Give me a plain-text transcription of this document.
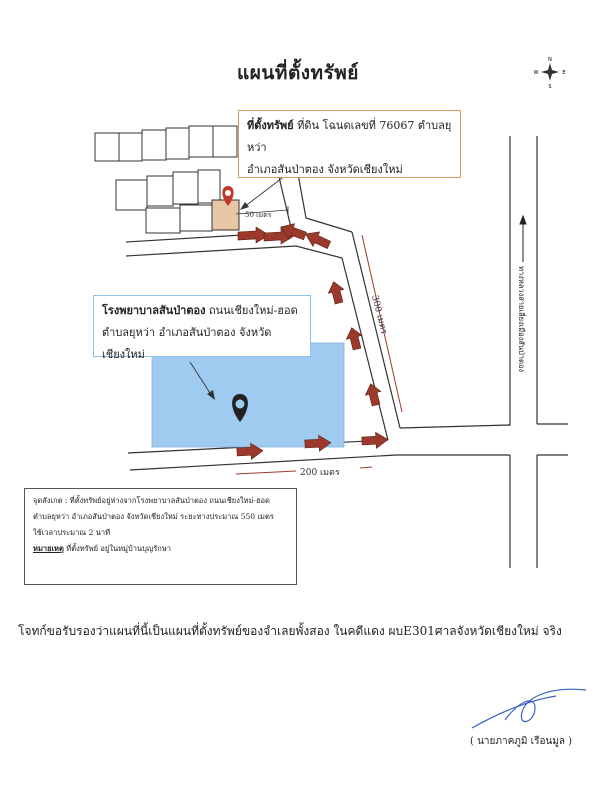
แผนที่ตั้งทรัพย์
N
S
W	E
50 เมตร
300 เมตร
200 เมตร
ทางหลวงสายเลี่ยงเมืองสันป่าตอง
ที่ตั้งทรัพย์ ที่ดิน โฉนดเลขที่ 76067 ตำบลยุหว่า
อำเภอสันป่าตอง จังหวัดเชียงใหม่
โรงพยาบาลสันป่าตอง ถนนเชียงใหม่-ฮอด
ตำบลยุหว่า อำเภอสันป่าตอง จังหวัดเชียงใหม่
จุดสังเกต : ที่ตั้งทรัพย์อยู่ห่างจากโรงพยาบาลสันป่าตอง ถนนเชียงใหม่-ฮอด
ตำบลยุหว่า อำเภอสันป่าตอง จังหวัดเชียงใหม่ ระยะทางประมาณ 550 เมตร
ใช้เวลาประมาณ 2 นาที
หมายเหตุ ที่ตั้งทรัพย์ อยู่ในหมู่บ้านบุญรักษา
โจทก์ขอรับรองว่าแผนที่นี้เป็นแผนที่ตั้งทรัพย์ของจำเลยพั้งสอง ในคดีแดง ผบE301ศาลจังหวัดเชียงใหม่ จริง
( นายภาคภูมิ เรือนมูล )
